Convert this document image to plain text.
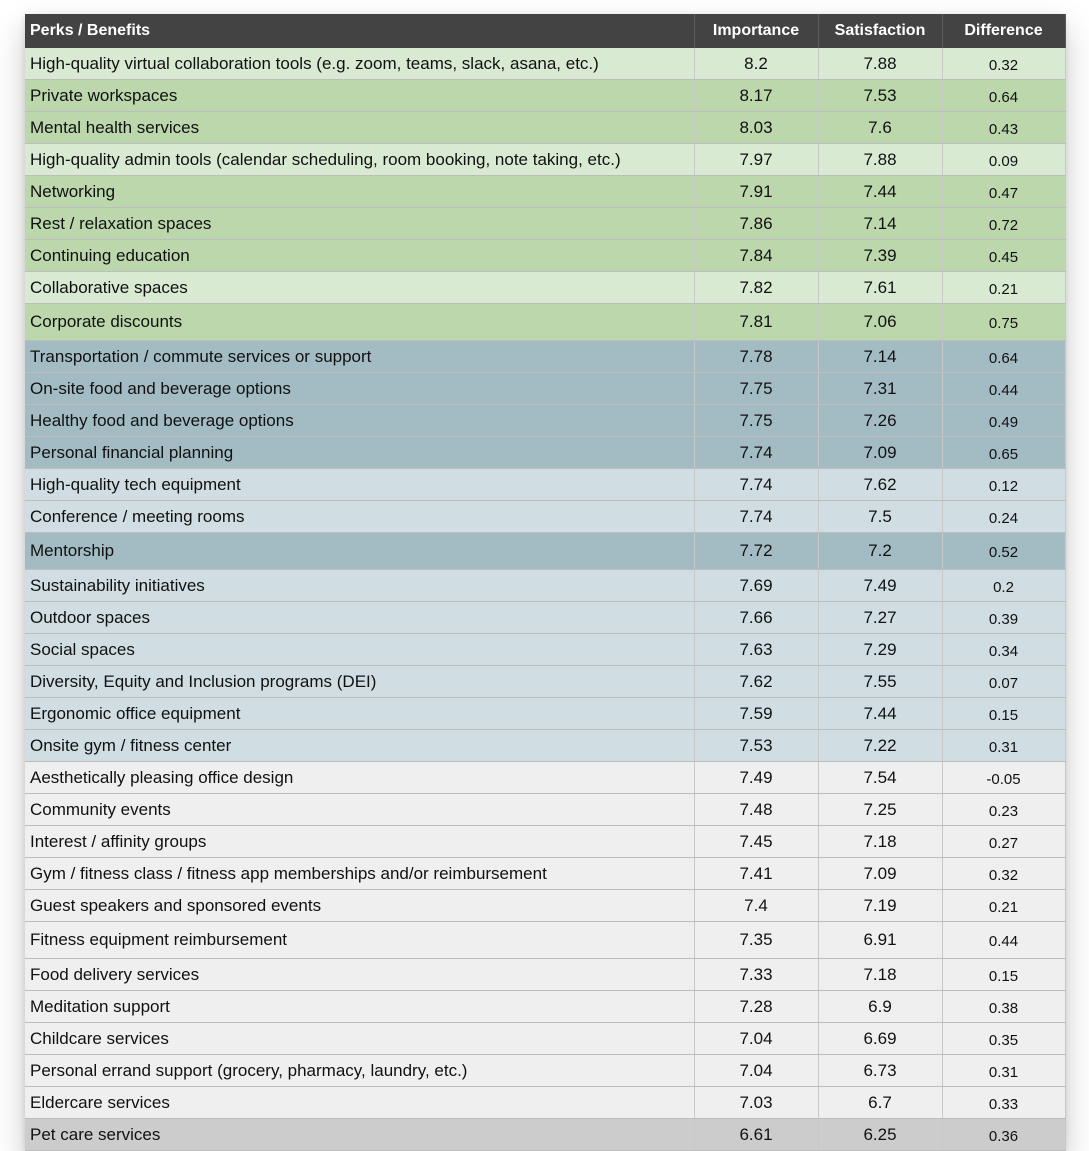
Perks / Benefits	Importance	Satisfaction	Difference
High-quality virtual collaboration tools (e.g. zoom, teams, slack, asana, etc.)	8.2	7.88	0.32
Private workspaces	8.17	7.53	0.64
Mental health services	8.03	7.6	0.43
High-quality admin tools (calendar scheduling, room booking, note taking, etc.)	7.97	7.88	0.09
Networking	7.91	7.44	0.47
Rest / relaxation spaces	7.86	7.14	0.72
Continuing education	7.84	7.39	0.45
Collaborative spaces	7.82	7.61	0.21
Corporate discounts	7.81	7.06	0.75
Transportation / commute services or support	7.78	7.14	0.64
On-site food and beverage options	7.75	7.31	0.44
Healthy food and beverage options	7.75	7.26	0.49
Personal financial planning	7.74	7.09	0.65
High-quality tech equipment	7.74	7.62	0.12
Conference / meeting rooms	7.74	7.5	0.24
Mentorship	7.72	7.2	0.52
Sustainability initiatives	7.69	7.49	0.2
Outdoor spaces	7.66	7.27	0.39
Social spaces	7.63	7.29	0.34
Diversity, Equity and Inclusion programs (DEI)	7.62	7.55	0.07
Ergonomic office equipment	7.59	7.44	0.15
Onsite gym / fitness center	7.53	7.22	0.31
Aesthetically pleasing office design	7.49	7.54	-0.05
Community events	7.48	7.25	0.23
Interest / affinity groups	7.45	7.18	0.27
Gym / fitness class / fitness app memberships and/or reimbursement	7.41	7.09	0.32
Guest speakers and sponsored events	7.4	7.19	0.21
Fitness equipment reimbursement	7.35	6.91	0.44
Food delivery services	7.33	7.18	0.15
Meditation support	7.28	6.9	0.38
Childcare services	7.04	6.69	0.35
Personal errand support (grocery, pharmacy, laundry, etc.)	7.04	6.73	0.31
Eldercare services	7.03	6.7	0.33
Pet care services	6.61	6.25	0.36
